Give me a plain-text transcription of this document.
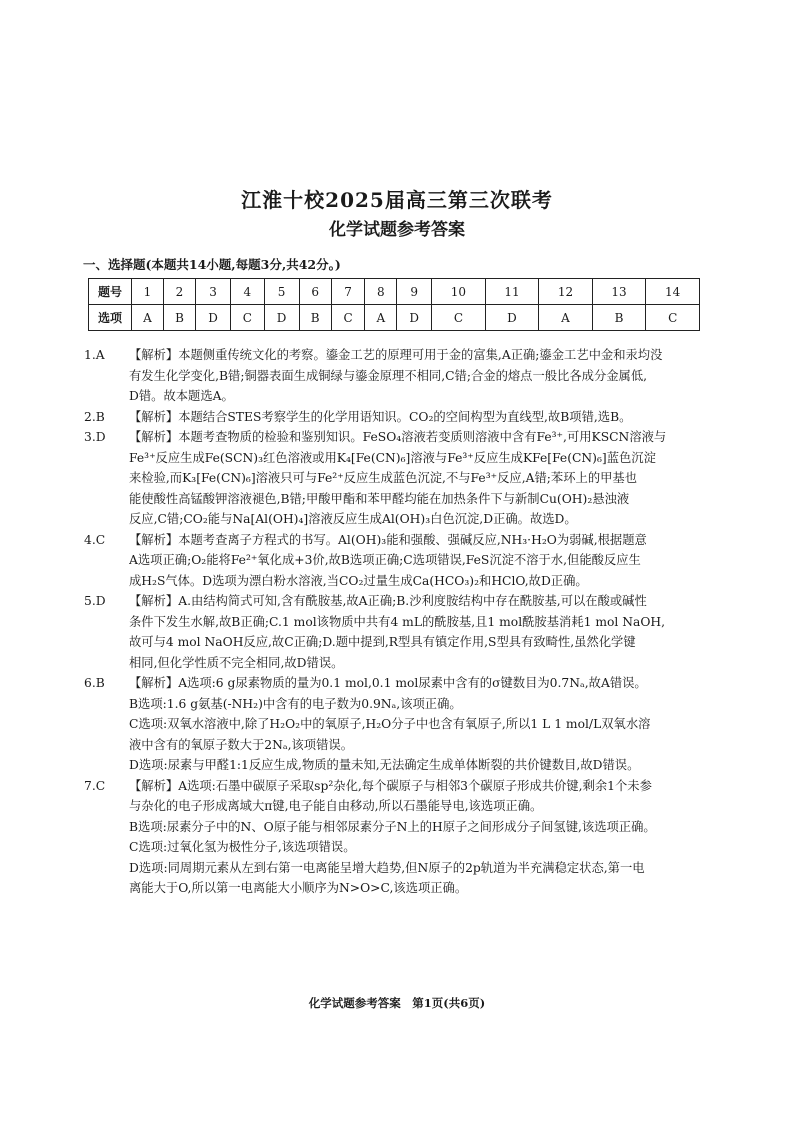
江淮十校2025届高三第三次联考
化学试题参考答案
一、选择题(本题共14小题,每题3分,共42分。)
题号	1	2	3	4	5	6	7	8	9	10	11	12	13	14
选项	A	B	D	C	D	B	C	A	D	C	D	A	B	C
1.A	【解析】本题侧重传统文化的考察。鎏金工艺的原理可用于金的富集,A正确;鎏金工艺中金和汞均没
有发生化学变化,B错;铜器表面生成铜绿与鎏金原理不相同,C错;合金的熔点一般比各成分金属低,
D错。故本题选A。
2.B	【解析】本题结合STES考察学生的化学用语知识。CO₂的空间构型为直线型,故B项错,选B。
3.D	【解析】本题考查物质的检验和鉴别知识。FeSO₄溶液若变质则溶液中含有Fe³⁺,可用KSCN溶液与
Fe³⁺反应生成Fe(SCN)₃红色溶液或用K₄[Fe(CN)₆]溶液与Fe³⁺反应生成KFe[Fe(CN)₆]蓝色沉淀
来检验,而K₃[Fe(CN)₆]溶液只可与Fe²⁺反应生成蓝色沉淀,不与Fe³⁺反应,A错;苯环上的甲基也
能使酸性高锰酸钾溶液褪色,B错;甲酸甲酯和苯甲醛均能在加热条件下与新制Cu(OH)₂悬浊液
反应,C错;CO₂能与Na[Al(OH)₄]溶液反应生成Al(OH)₃白色沉淀,D正确。故选D。
4.C	【解析】本题考查离子方程式的书写。Al(OH)₃能和强酸、强碱反应,NH₃·H₂O为弱碱,根据题意
A选项正确;O₂能将Fe²⁺氧化成+3价,故B选项正确;C选项错误,FeS沉淀不溶于水,但能酸反应生
成H₂S气体。D选项为漂白粉水溶液,当CO₂过量生成Ca(HCO₃)₂和HClO,故D正确。
5.D	【解析】A.由结构简式可知,含有酰胺基,故A正确;B.沙利度胺结构中存在酰胺基,可以在酸或碱性
条件下发生水解,故B正确;C.1 mol该物质中共有4 mL的酰胺基,且1 mol酰胺基消耗1 mol NaOH,
故可与4 mol NaOH反应,故C正确;D.题中提到,R型具有镇定作用,S型具有致畸性,虽然化学键
相同,但化学性质不完全相同,故D错误。
6.B	【解析】A选项:6 g尿素物质的量为0.1 mol,0.1 mol尿素中含有的σ键数目为0.7Nₐ,故A错误。
B选项:1.6 g氨基(-NH₂)中含有的电子数为0.9Nₐ,该项正确。
C选项:双氧水溶液中,除了H₂O₂中的氧原子,H₂O分子中也含有氧原子,所以1 L 1 mol/L双氧水溶
液中含有的氧原子数大于2Nₐ,该项错误。
D选项:尿素与甲醛1:1反应生成,物质的量未知,无法确定生成单体断裂的共价键数目,故D错误。
7.C	【解析】A选项:石墨中碳原子采取sp²杂化,每个碳原子与相邻3个碳原子形成共价键,剩余1个未参
与杂化的电子形成离域大π键,电子能自由移动,所以石墨能导电,该选项正确。
B选项:尿素分子中的N、O原子能与相邻尿素分子N上的H原子之间形成分子间氢键,该选项正确。
C选项:过氧化氢为极性分子,该选项错误。
D选项:同周期元素从左到右第一电离能呈增大趋势,但N原子的2p轨道为半充满稳定状态,第一电
离能大于O,所以第一电离能大小顺序为N>O>C,该选项正确。
化学试题参考答案　第1页(共6页)
